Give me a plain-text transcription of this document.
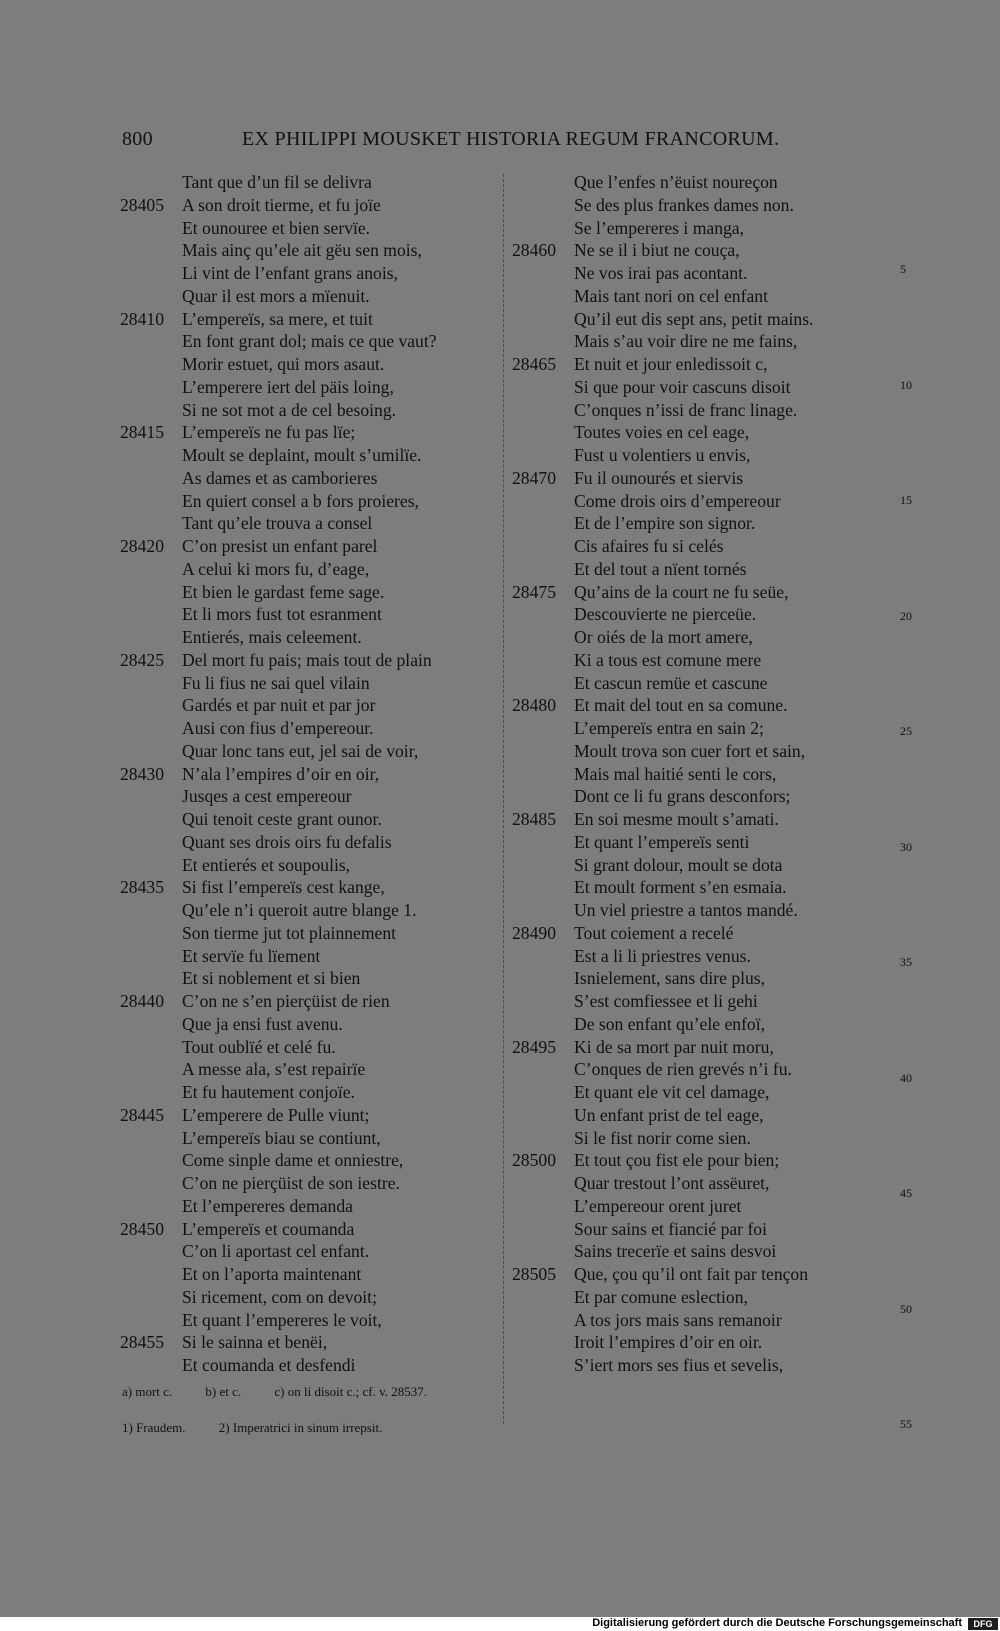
800	EX PHILIPPI MOUSKET HISTORIA REGUM FRANCORUM.
Tant que d’un fil se delivra
28405 A son droit tierme, et fu joïe
Et ounouree et bien servïe.
Mais ainç qu’ele ait gëu sen mois,
Li vint de l’enfant grans anois,
Quar il est mors a mïenuit.
28410 L’empereïs, sa mere, et tuit
En font grant dol; mais ce que vaut?
Morir estuet, qui mors asaut.
L’emperere iert del päis loing,
Si ne sot mot a de cel besoing.
28415 L’empereïs ne fu pas lïe;
Moult se deplaint, moult s’umilïe.
As dames et as camborieres
En quiert consel a b fors proieres,
Tant qu’ele trouva a consel
28420 C’on presist un enfant parel
A celui ki mors fu, d’eage,
Et bien le gardast feme sage.
Et li mors fust tot esranment
Entierés, mais celeement.
28425 Del mort fu pais; mais tout de plain
Fu li fius ne sai quel vilain
Gardés et par nuit et par jor
Ausi con fius d’empereour.
Quar lonc tans eut, jel sai de voir,
28430 N’ala l’empires d’oir en oir,
Jusqes a cest empereour
Qui tenoit ceste grant ounor.
Quant ses drois oirs fu defalis
Et entierés et soupoulis,
28435 Si fist l’empereïs cest kange,
Qu’ele n’i queroit autre blange 1.
Son tierme jut tot plainnement
Et servïe fu lïement
Et si noblement et si bien
28440 C’on ne s’en pierçüist de rien
Que ja ensi fust avenu.
Tout oublïé et celé fu.
A messe ala, s’est repairïe
Et fu hautement conjoïe.
28445 L’emperere de Pulle viunt;
L’empereïs biau se contiunt,
Come sinple dame et onniestre,
C’on ne pierçüist de son iestre.
Et l’empereres demanda
28450 L’empereïs et coumanda
C’on li aportast cel enfant.
Et on l’aporta maintenant
Si ricement, com on devoit;
Et quant l’empereres le voit,
28455 Si le sainna et benëi,
Et coumanda et desfendi
Que l’enfes n’ëuist noureçon
Se des plus frankes dames non.
Se l’empereres i manga,
28460 Ne se il i biut ne couça,
Ne vos irai pas acontant.
Mais tant nori on cel enfant
Qu’il eut dis sept ans, petit mains.
Mais s’au voir dire ne me fains,
28465 Et nuit et jour enledissoit c,
Si que pour voir cascuns disoit
C’onques n’issi de franc linage.
Toutes voies en cel eage,
Fust u volentiers u envis,
28470 Fu il ounourés et siervis
Come drois oirs d’empereour
Et de l’empire son signor.
Cis afaires fu si celés
Et del tout a nïent tornés
28475 Qu’ains de la court ne fu seüe,
Descouvierte ne pierceüe.
Or oiés de la mort amere,
Ki a tous est comune mere
Et cascun remüe et cascune
28480 Et mait del tout en sa comune.
L’empereïs entra en sain 2;
Moult trova son cuer fort et sain,
Mais mal haitié senti le cors,
Dont ce li fu grans desconfors;
28485 En soi mesme moult s’amati.
Et quant l’empereïs senti
Si grant dolour, moult se dota
Et moult forment s’en esmaia.
Un viel priestre a tantos mandé.
28490 Tout coiement a recelé
Est a li li priestres venus.
Isnielement, sans dire plus,
S’est comfiessee et li gehi
De son enfant qu’ele enfoï,
28495 Ki de sa mort par nuit moru,
C’onques de rien grevés n’i fu.
Et quant ele vit cel damage,
Un enfant prist de tel eage,
Si le fist norir come sien.
28500 Et tout çou fist ele pour bien;
Quar trestout l’ont assëuret,
L’empereour orent juret
Sour sains et fiancié par foi
Sains trecerïe et sains desvoi
28505 Que, çou qu’il ont fait par tençon
Et par comune eslection,
A tos jors mais sans remanoir
Iroit l’empires d’oir en oir.
S’iert mors ses fius et sevelis,
5
10
15
20
25
30
35
40
45
50
55
a) mort c.	b) et c.	c) on li disoit c.; cf. v. 28537.
1) Fraudem.	2) Imperatrici in sinum irrepsit.
Digitalisierung gefördert durch die Deutsche Forschungsgemeinschaft	DFG
